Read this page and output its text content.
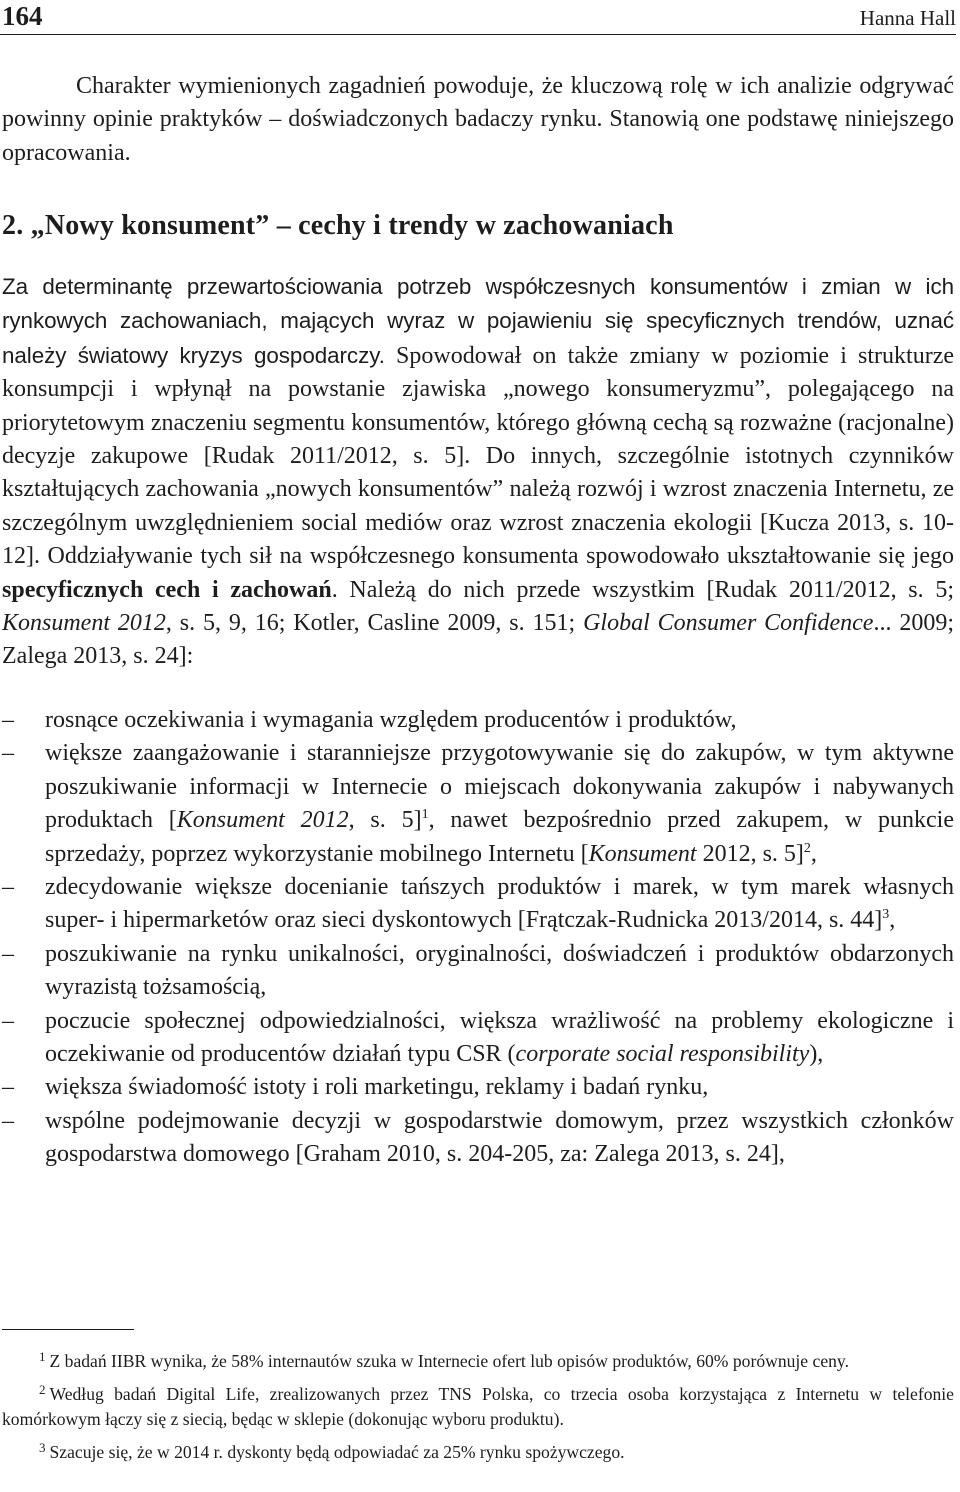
164	Hanna Hall

Charakter wymienionych zagadnień powoduje, że kluczową rolę w ich analizie odgrywać powinny opinie praktyków – doświadczonych badaczy rynku. Stanowią one podstawę niniejszego opracowania.

2. „Nowy konsument” – cechy i trendy w zachowaniach

Za determinantę przewartościowania potrzeb współczesnych konsumentów i zmian w ich rynkowych zachowaniach, mających wyraz w pojawieniu się specyficznych trendów, uznać należy światowy kryzys gospodarczy. Spowodował on także zmiany w poziomie i strukturze konsumpcji i wpłynął na powstanie zjawiska „nowego konsumeryzmu”, polegającego na priorytetowym znaczeniu segmentu konsumentów, którego główną cechą są rozważne (racjonalne) decyzje zakupowe [Rudak 2011/2012, s. 5]. Do innych, szczególnie istotnych czynników kształtujących zachowania „nowych konsumentów” należą rozwój i wzrost znaczenia Internetu, ze szczególnym uwzględnieniem social mediów oraz wzrost znaczenia ekologii [Kucza 2013, s. 10-12]. Oddziaływanie tych sił na współczesnego konsumenta spowodowało ukształtowanie się jego specyficznych cech i zachowań. Należą do nich przede wszystkim [Rudak 2011/2012, s. 5; Konsument 2012, s. 5, 9, 16; Kotler, Casline 2009, s. 151; Global Consumer Confidence... 2009; Zalega 2013, s. 24]:

–	rosnące oczekiwania i wymagania względem producentów i produktów,
–	większe zaangażowanie i staranniejsze przygotowywanie się do zakupów, w tym aktywne poszukiwanie informacji w Internecie o miejscach dokonywania zakupów i nabywanych produktach [Konsument 2012, s. 5]$^1$, nawet bezpośrednio przed zakupem, w punkcie sprzedaży, poprzez wykorzystanie mobilnego Internetu [Konsument 2012, s. 5]$^2$,
–	zdecydowanie większe docenianie tańszych produktów i marek, w tym marek własnych super- i hipermarketów oraz sieci dyskontowych [Frątczak-Rudnicka 2013/2014, s. 44]$^3$,
–	poszukiwanie na rynku unikalności, oryginalności, doświadczeń i produktów obdarzonych wyrazistą tożsamością,
–	poczucie społecznej odpowiedzialności, większa wrażliwość na problemy ekologiczne i oczekiwanie od producentów działań typu CSR (corporate social responsibility),
–	większa świadomość istoty i roli marketingu, reklamy i badań rynku,
–	wspólne podejmowanie decyzji w gospodarstwie domowym, przez wszystkich członków gospodarstwa domowego [Graham 2010, s. 204-205, za: Zalega 2013, s. 24],

$^1$ Z badań IIBR wynika, że 58% internautów szuka w Internecie ofert lub opisów produktów, 60% porównuje ceny.

$^2$ Według badań Digital Life, zrealizowanych przez TNS Polska, co trzecia osoba korzystająca z Internetu w telefonie komórkowym łączy się z siecią, będąc w sklepie (dokonując wyboru produktu).

$^3$ Szacuje się, że w 2014 r. dyskonty będą odpowiadać za 25% rynku spożywczego.
